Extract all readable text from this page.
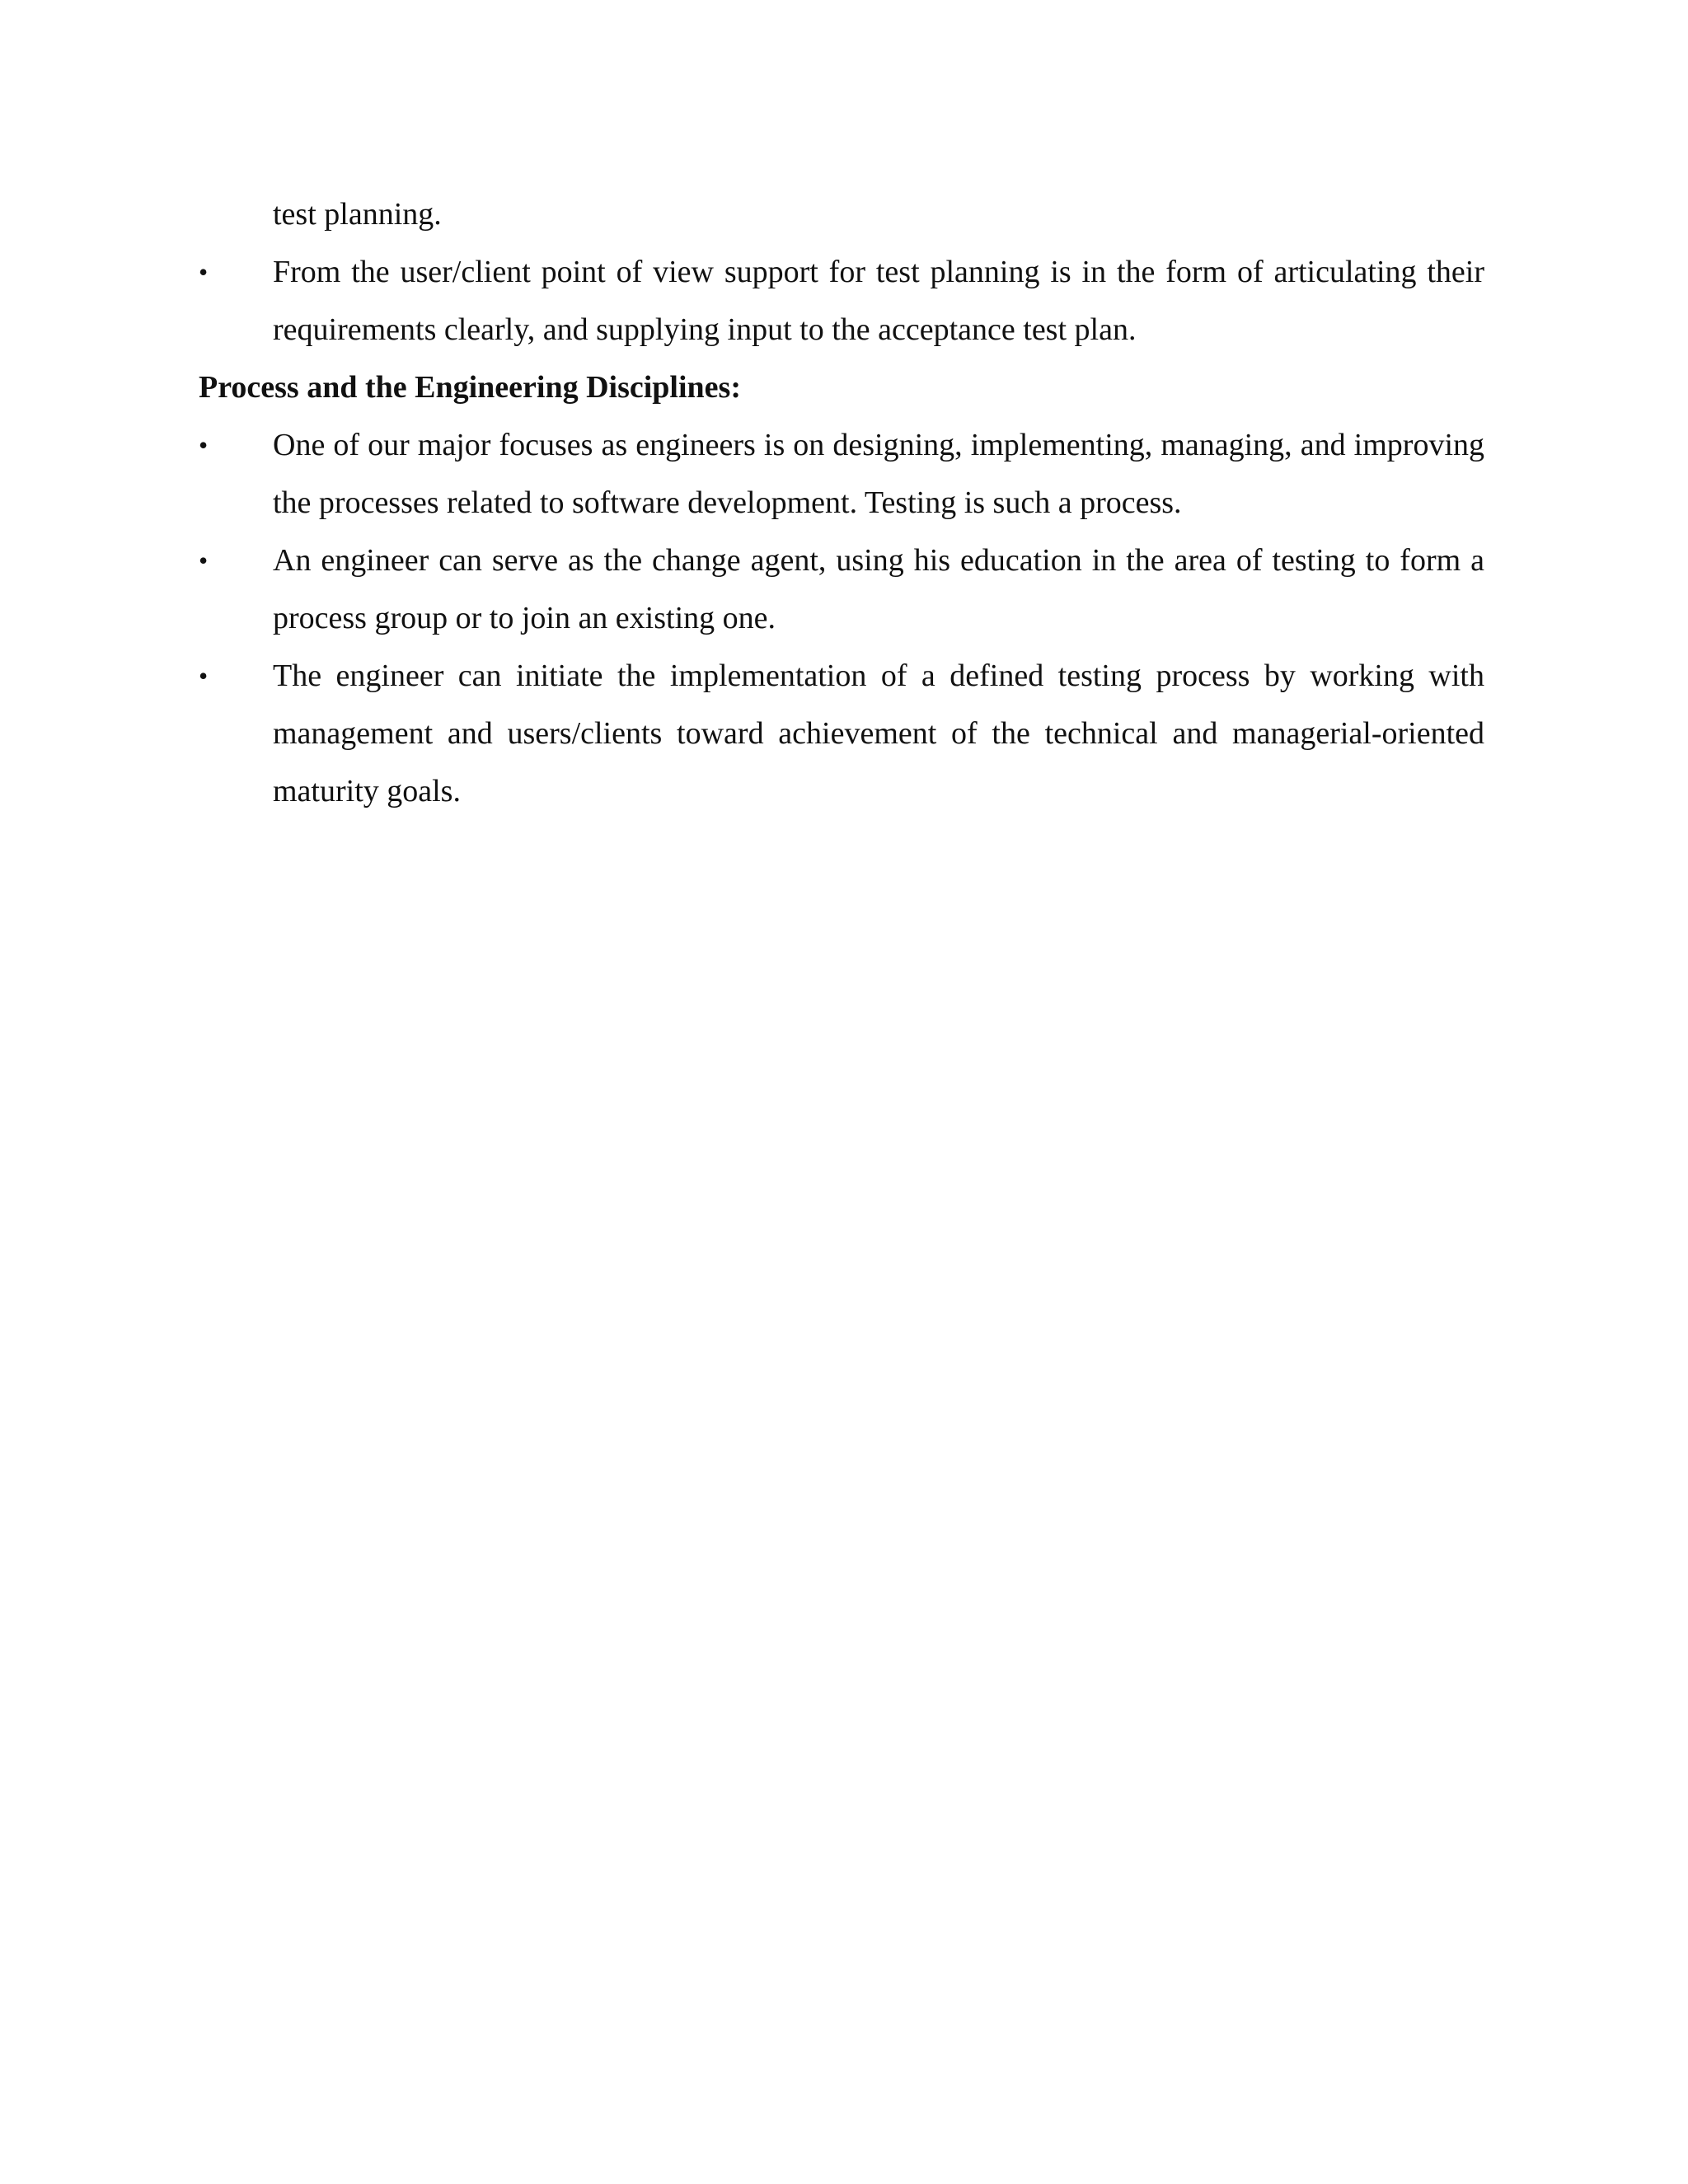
test planning.
•	From the user/client point of view support for test planning is in the form of articulating their requirements clearly, and supplying input to the acceptance test plan.
Process and the Engineering Disciplines:
•	One of our major focuses as engineers is on designing, implementing, managing, and improving the processes related to software development. Testing is such a process.
•	An engineer can serve as the change agent, using his education in the area of testing to form a process group or to join an existing one.
•	The engineer can initiate the implementation of a defined testing process by working with management and users/clients toward achievement of the technical and managerial-oriented maturity goals.
